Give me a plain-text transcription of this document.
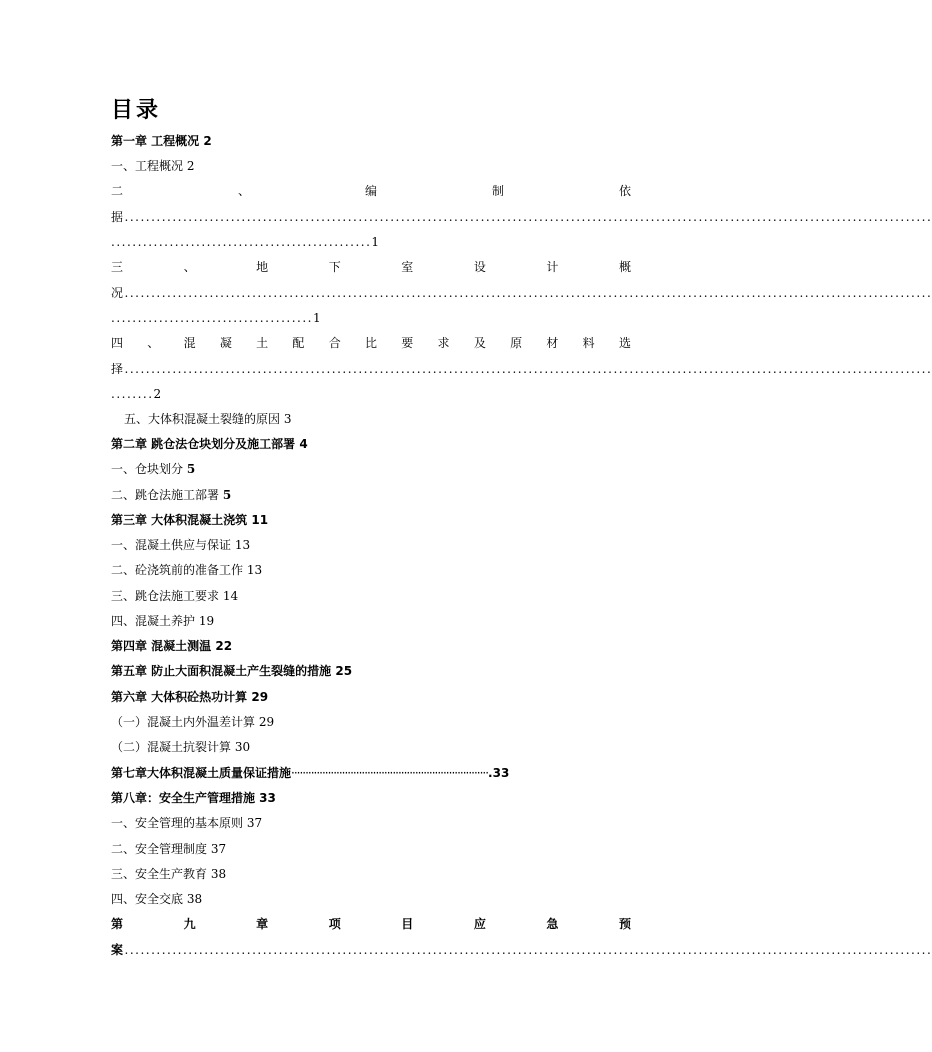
目录
第一章 工程概况 2
一、工程概况 2
二	、	编	制	依
据........................................................................................................................................................
.................................................1
三	、	地	下	室	设	计	概
况........................................................................................................................................................
......................................1
四 、 混 凝 土 配 合 比 要 求 及 原 材 料 选
择........................................................................................................................................................
........2
五、大体积混凝土裂缝的原因 3
第二章 跳仓法仓块划分及施工部署 4
一、仓块划分 5
二、跳仓法施工部署 5
第三章 大体积混凝土浇筑 11
一、混凝土供应与保证 13
二、砼浇筑前的准备工作 13
三、跳仓法施工要求 14
四、混凝土养护 19
第四章 混凝土测温 22
第五章 防止大面积混凝土产生裂缝的措施 25
第六章 大体积砼热功计算 29
（一）混凝土内外温差计算 29
（二）混凝土抗裂计算 30
第七章大体积混凝土质量保证措施······································································.33
第八章：安全生产管理措施 33
一、安全管理的基本原则 37
二、安全管理制度 37
三、安全生产教育 38
四、安全交底 38
第	九	章	项	目	应	急	预
案........................................................................................................................................................
